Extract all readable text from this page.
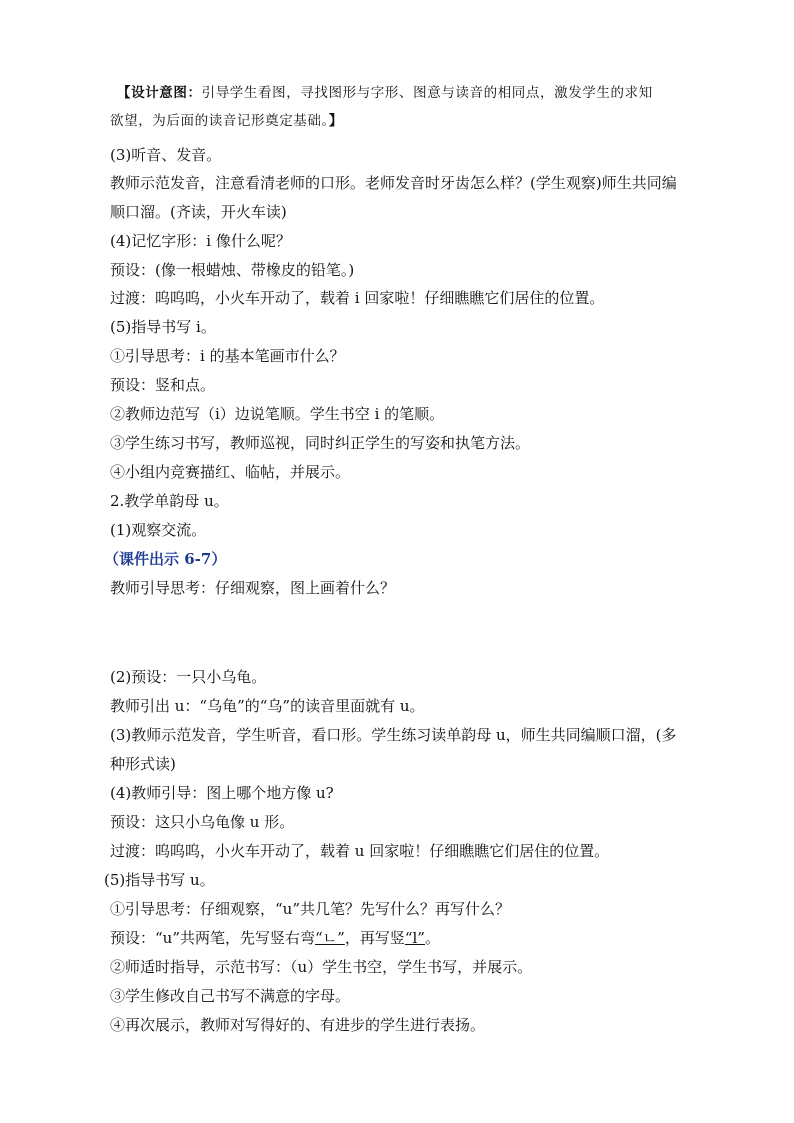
【设计意图：引导学生看图，寻找图形与字形、图意与读音的相同点，激发学生的求知
欲望，为后面的读音记形奠定基础。】
(3)听音、发音。
教师示范发音，注意看清老师的口形。老师发音时牙齿怎么样？(学生观察)师生共同编
顺口溜。(齐读，开火车读)
(4)记忆字形：i 像什么呢？
预设：(像一根蜡烛、带橡皮的铅笔。)
过渡：呜呜呜，小火车开动了，载着 i 回家啦！仔细瞧瞧它们居住的位置。
(5)指导书写 i。
①引导思考：i 的基本笔画市什么？
预设：竖和点。
②教师边范写（i）边说笔顺。学生书空 i 的笔顺。
③学生练习书写，教师巡视，同时纠正学生的写姿和执笔方法。
④小组内竞赛描红、临帖，并展示。
2.教学单韵母 u。
(1)观察交流。
（课件出示 6-7）
教师引导思考：仔细观察，图上画着什么？
(2)预设：一只小乌龟。
教师引出 u：“乌龟”的“乌”的读音里面就有 u。
(3)教师示范发音，学生听音，看口形。学生练习读单韵母 u，师生共同编顺口溜，(多
种形式读)
(4)教师引导：图上哪个地方像 u?
预设：这只小乌龟像 u 形。
过渡：呜呜呜，小火车开动了，载着 u 回家啦！仔细瞧瞧它们居住的位置。
(5)指导书写 u。
①引导思考：仔细观察，“u”共几笔？先写什么？再写什么？
预设：“u”共两笔，先写竖右弯“ㄴ”，再写竖“l”。
②师适时指导，示范书写：（u）学生书空，学生书写，并展示。
③学生修改自己书写不满意的字母。
④再次展示，教师对写得好的、有进步的学生进行表扬。
